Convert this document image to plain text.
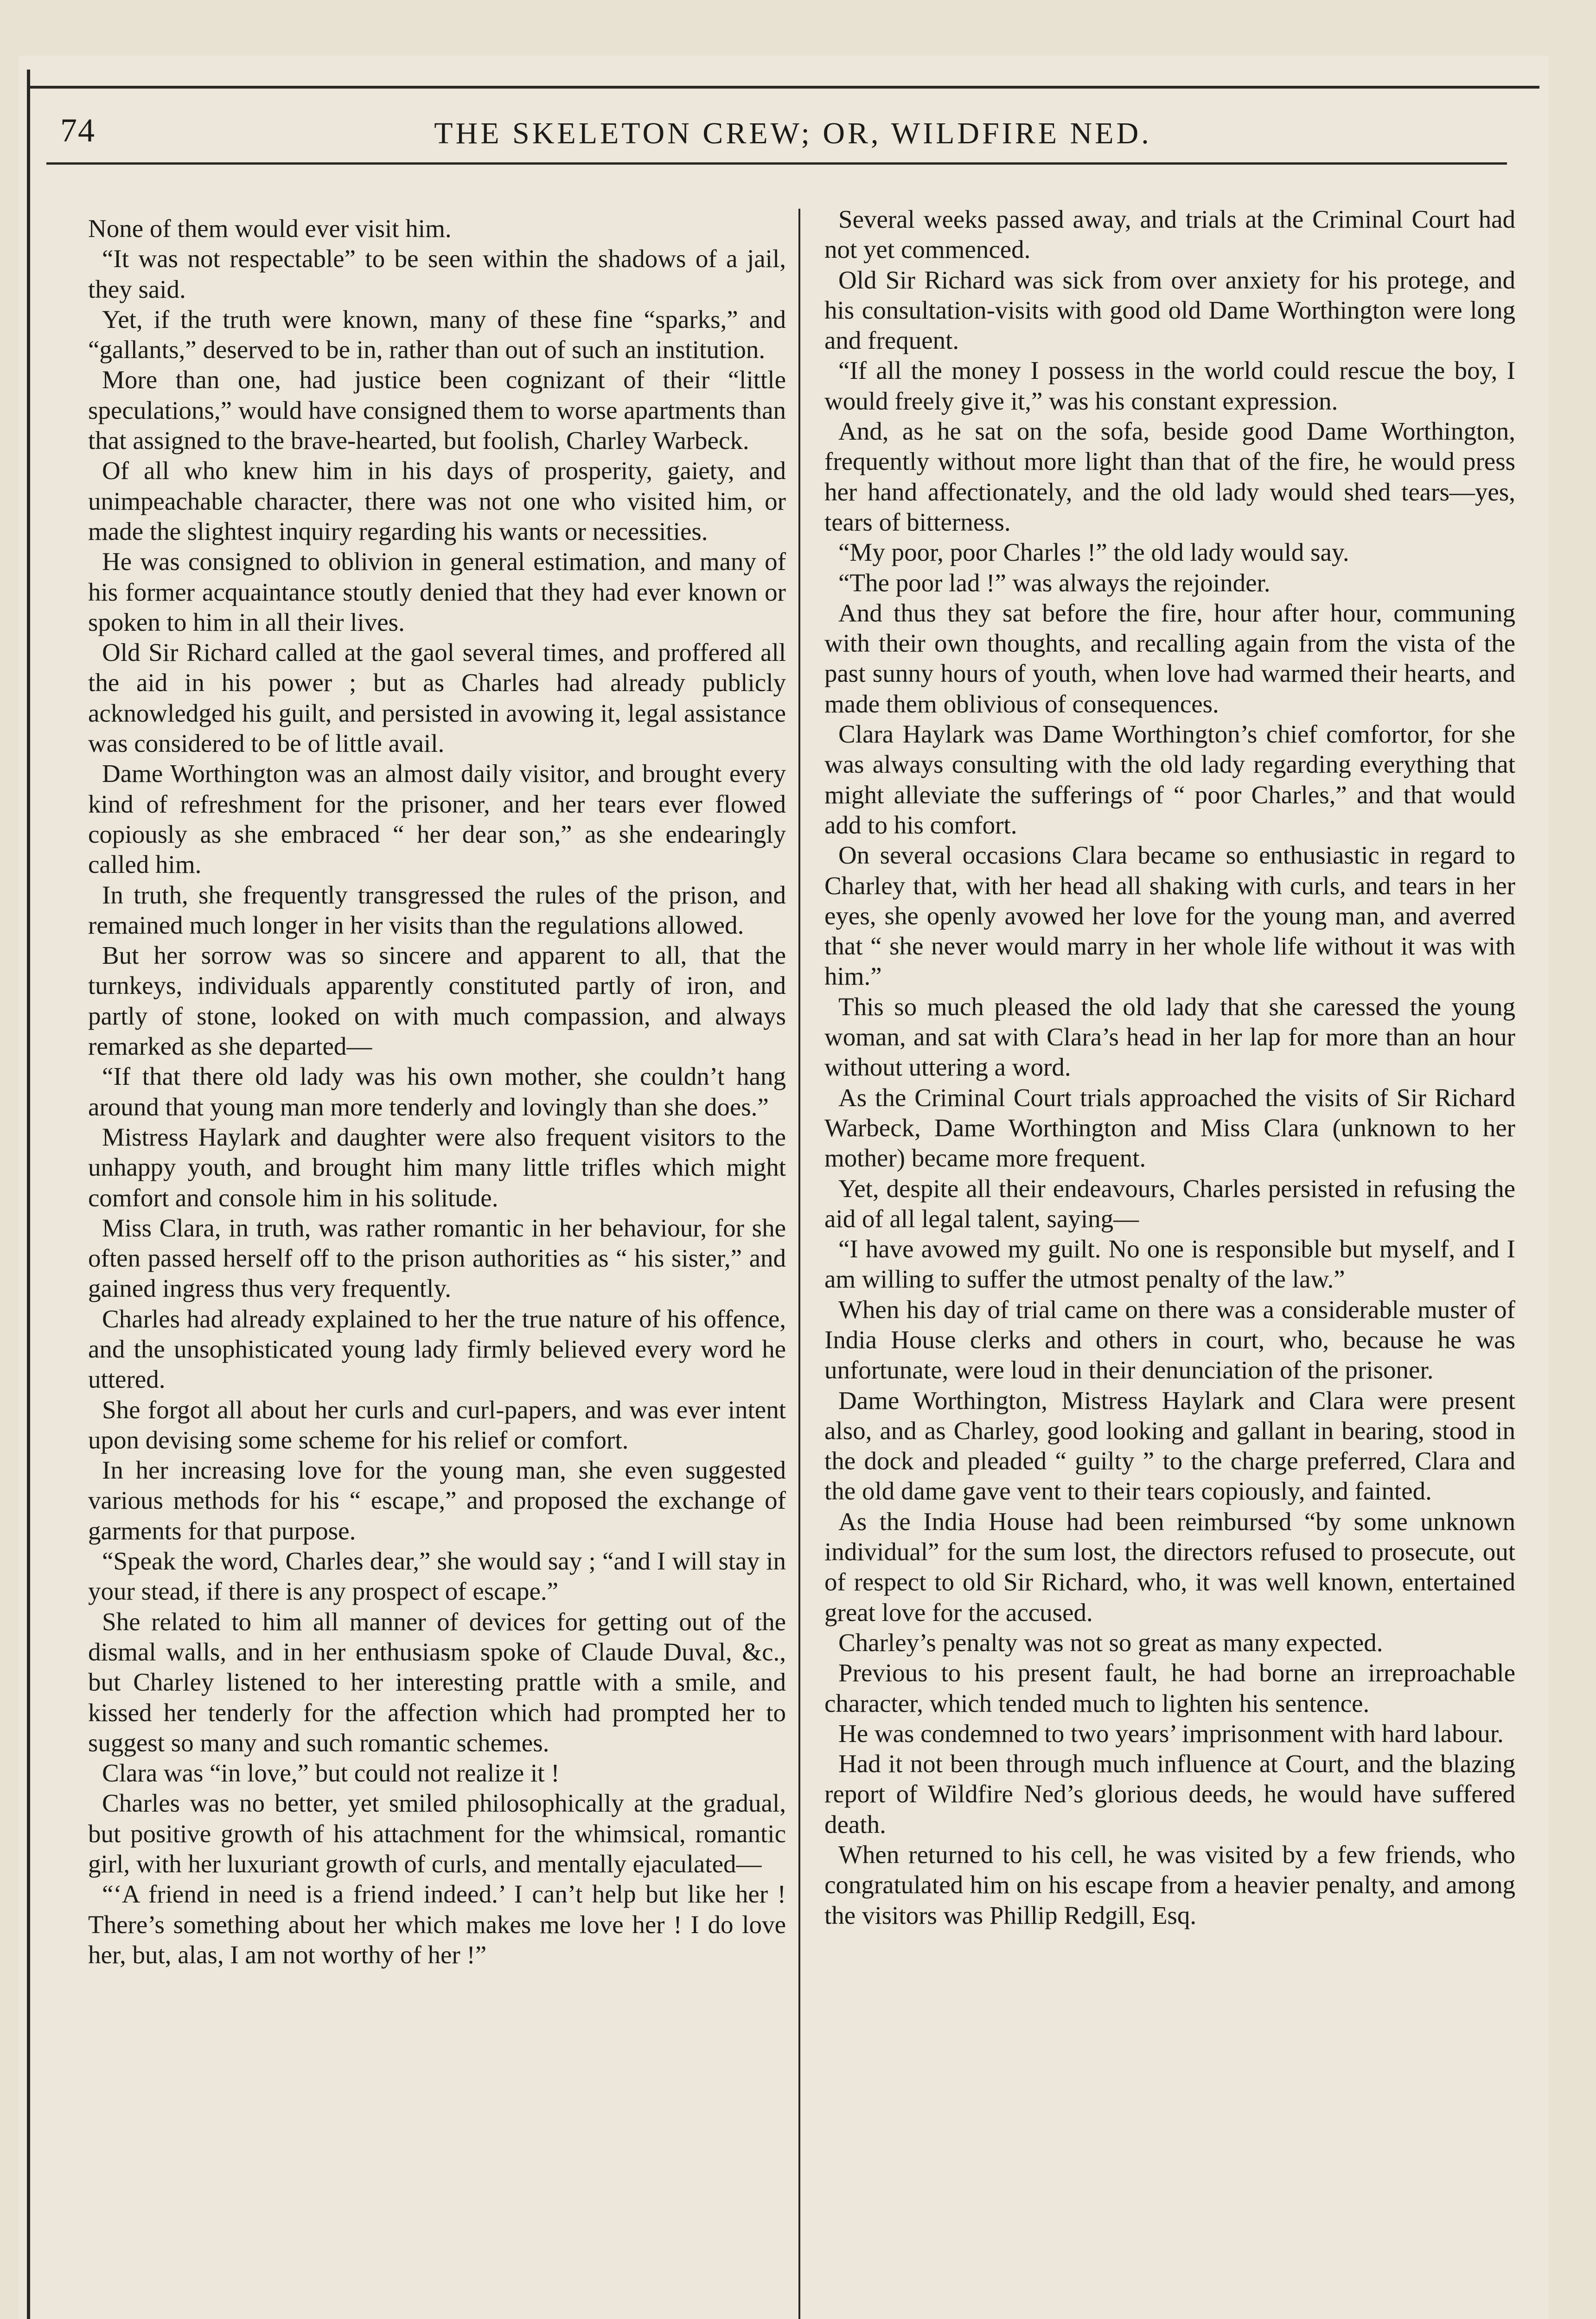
74	THE SKELETON CREW; OR, WILDFIRE NED.

None of them would ever visit him.

“It was not respectable” to be seen within the shadows of a jail, they said.

Yet, if the truth were known, many of these fine “sparks,” and “gallants,” deserved to be in, rather than out of such an institution.

More than one, had justice been cognizant of their “little speculations,” would have consigned them to worse apartments than that assigned to the brave-hearted, but foolish, Charley Warbeck.

Of all who knew him in his days of prosperity, gaiety, and unimpeachable character, there was not one who visited him, or made the slightest inquiry regarding his wants or necessities.

He was consigned to oblivion in general estimation, and many of his former acquaintance stoutly denied that they had ever known or spoken to him in all their lives.

Old Sir Richard called at the gaol several times, and proffered all the aid in his power ; but as Charles had already publicly acknowledged his guilt, and persisted in avowing it, legal assistance was considered to be of little avail.

Dame Worthington was an almost daily visitor, and brought every kind of refreshment for the prisoner, and her tears ever flowed copiously as she embraced “ her dear son,” as she endearingly called him.

In truth, she frequently transgressed the rules of the prison, and remained much longer in her visits than the regulations allowed.

But her sorrow was so sincere and apparent to all, that the turnkeys, individuals apparently constituted partly of iron, and partly of stone, looked on with much compassion, and always remarked as she departed—

“If that there old lady was his own mother, she couldn’t hang around that young man more tenderly and lovingly than she does.”

Mistress Haylark and daughter were also frequent visitors to the unhappy youth, and brought him many little trifles which might comfort and console him in his solitude.

Miss Clara, in truth, was rather romantic in her behaviour, for she often passed herself off to the prison authorities as “ his sister,” and gained ingress thus very frequently.

Charles had already explained to her the true nature of his offence, and the unsophisticated young lady firmly believed every word he uttered.

She forgot all about her curls and curl-papers, and was ever intent upon devising some scheme for his relief or comfort.

In her increasing love for the young man, she even suggested various methods for his “ escape,” and proposed the exchange of garments for that purpose.

“Speak the word, Charles dear,” she would say ; “and I will stay in your stead, if there is any prospect of escape.”

She related to him all manner of devices for getting out of the dismal walls, and in her enthusiasm spoke of Claude Duval, &c., but Charley listened to her interesting prattle with a smile, and kissed her tenderly for the affection which had prompted her to suggest so many and such romantic schemes.

Clara was “in love,” but could not realize it !

Charles was no better, yet smiled philosophically at the gradual, but positive growth of his attachment for the whimsical, romantic girl, with her luxuriant growth of curls, and mentally ejaculated—

“‘A friend in need is a friend indeed.’ I can’t help but like her ! There’s something about her which makes me love her ! I do love her, but, alas, I am not worthy of her !”

Several weeks passed away, and trials at the Criminal Court had not yet commenced.

Old Sir Richard was sick from over anxiety for his protege, and his consultation-visits with good old Dame Worthington were long and frequent.

“If all the money I possess in the world could rescue the boy, I would freely give it,” was his constant expression.

And, as he sat on the sofa, beside good Dame Worthington, frequently without more light than that of the fire, he would press her hand affectionately, and the old lady would shed tears—yes, tears of bitterness.

“My poor, poor Charles !” the old lady would say.

“The poor lad !” was always the rejoinder.

And thus they sat before the fire, hour after hour, communing with their own thoughts, and recalling again from the vista of the past sunny hours of youth, when love had warmed their hearts, and made them oblivious of consequences.

Clara Haylark was Dame Worthington’s chief comfortor, for she was always consulting with the old lady regarding everything that might alleviate the sufferings of “ poor Charles,” and that would add to his comfort.

On several occasions Clara became so enthusiastic in regard to Charley that, with her head all shaking with curls, and tears in her eyes, she openly avowed her love for the young man, and averred that “ she never would marry in her whole life without it was with him.”

This so much pleased the old lady that she caressed the young woman, and sat with Clara’s head in her lap for more than an hour without uttering a word.

As the Criminal Court trials approached the visits of Sir Richard Warbeck, Dame Worthington and Miss Clara (unknown to her mother) became more frequent.

Yet, despite all their endeavours, Charles persisted in refusing the aid of all legal talent, saying—

“I have avowed my guilt. No one is responsible but myself, and I am willing to suffer the utmost penalty of the law.”

When his day of trial came on there was a considerable muster of India House clerks and others in court, who, because he was unfortunate, were loud in their denunciation of the prisoner.

Dame Worthington, Mistress Haylark and Clara were present also, and as Charley, good looking and gallant in bearing, stood in the dock and pleaded “ guilty ” to the charge preferred, Clara and the old dame gave vent to their tears copiously, and fainted.

As the India House had been reimbursed “by some unknown individual” for the sum lost, the directors refused to prosecute, out of respect to old Sir Richard, who, it was well known, entertained great love for the accused.

Charley’s penalty was not so great as many expected.

Previous to his present fault, he had borne an irreproachable character, which tended much to lighten his sentence.

He was condemned to two years’ imprisonment with hard labour.

Had it not been through much influence at Court, and the blazing report of Wildfire Ned’s glorious deeds, he would have suffered death.

When returned to his cell, he was visited by a few friends, who congratulated him on his escape from a heavier penalty, and among the visitors was Phillip Redgill, Esq.
